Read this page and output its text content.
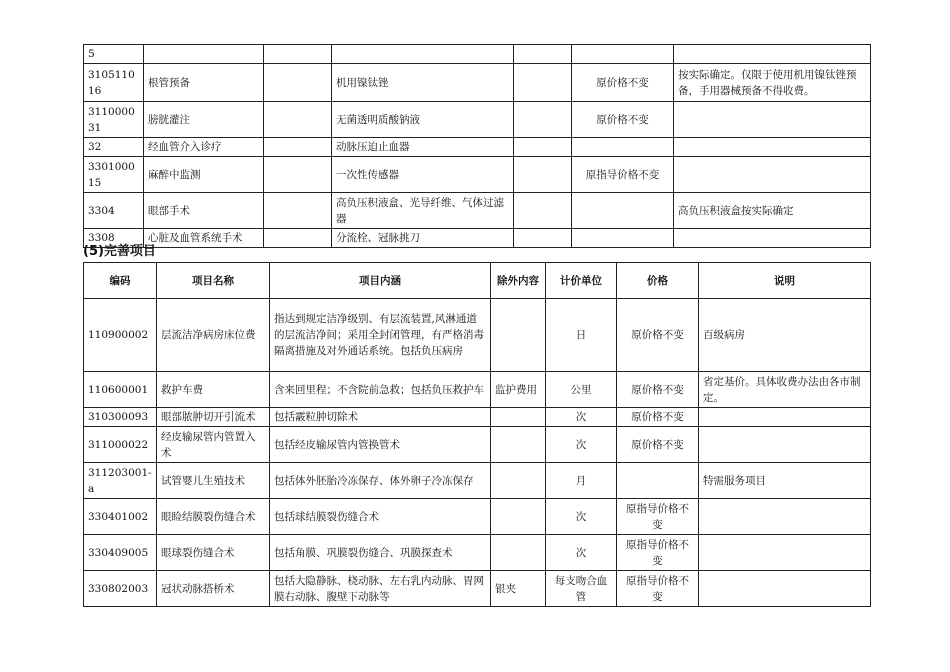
5						
310511016	根管预备		机用镍钛锉		原价格不变	按实际确定。仅限于使用机用镍钛锉预备，手用器械预备不得收费。
311000031	膀胱灌注		无菌透明质酸钠液		原价格不变	
32	经血管介入诊疗		动脉压迫止血器			
330100015	麻醉中监测		一次性传感器		原指导价格不变	
3304	眼部手术		高负压积液盒、光导纤维、气体过滤器			高负压积液盒按实际确定
3308	心脏及血管系统手术		分流栓、冠脉挑刀			
(5)完善项目
编码	项目名称	项目内涵	除外内容	计价单位	价格	说明
110900002	层流洁净病房床位费	指达到规定洁净级别、有层流装置,风淋通道的层流洁净间；采用全封闭管理，有严格消毒隔离措施及对外通话系统。包括负压病房		日	原价格不变	百级病房
110600001	救护车费	含来回里程；不含院前急救；包括负压救护车	监护费用	公里	原价格不变	省定基价。具体收费办法由各市制定。
310300093	眼部脓肿切开引流术	包括霰粒肿切除术		次	原价格不变	
311000022	经皮输尿管内管置入术	包括经皮输尿管内管换管术		次	原价格不变	
311203001-a	试管婴儿生殖技术	包括体外胚胎冷冻保存、体外卵子冷冻保存		月		特需服务项目
330401002	眼睑结膜裂伤缝合术	包括球结膜裂伤缝合术		次	原指导价格不变	
330409005	眼球裂伤缝合术	包括角膜、巩膜裂伤缝合、巩膜探查术		次	原指导价格不变	
330802003	冠状动脉搭桥术	包括大隐静脉、桡动脉、左右乳内动脉、胃网膜右动脉、腹壁下动脉等	银夹	每支吻合血管	原指导价格不变	
